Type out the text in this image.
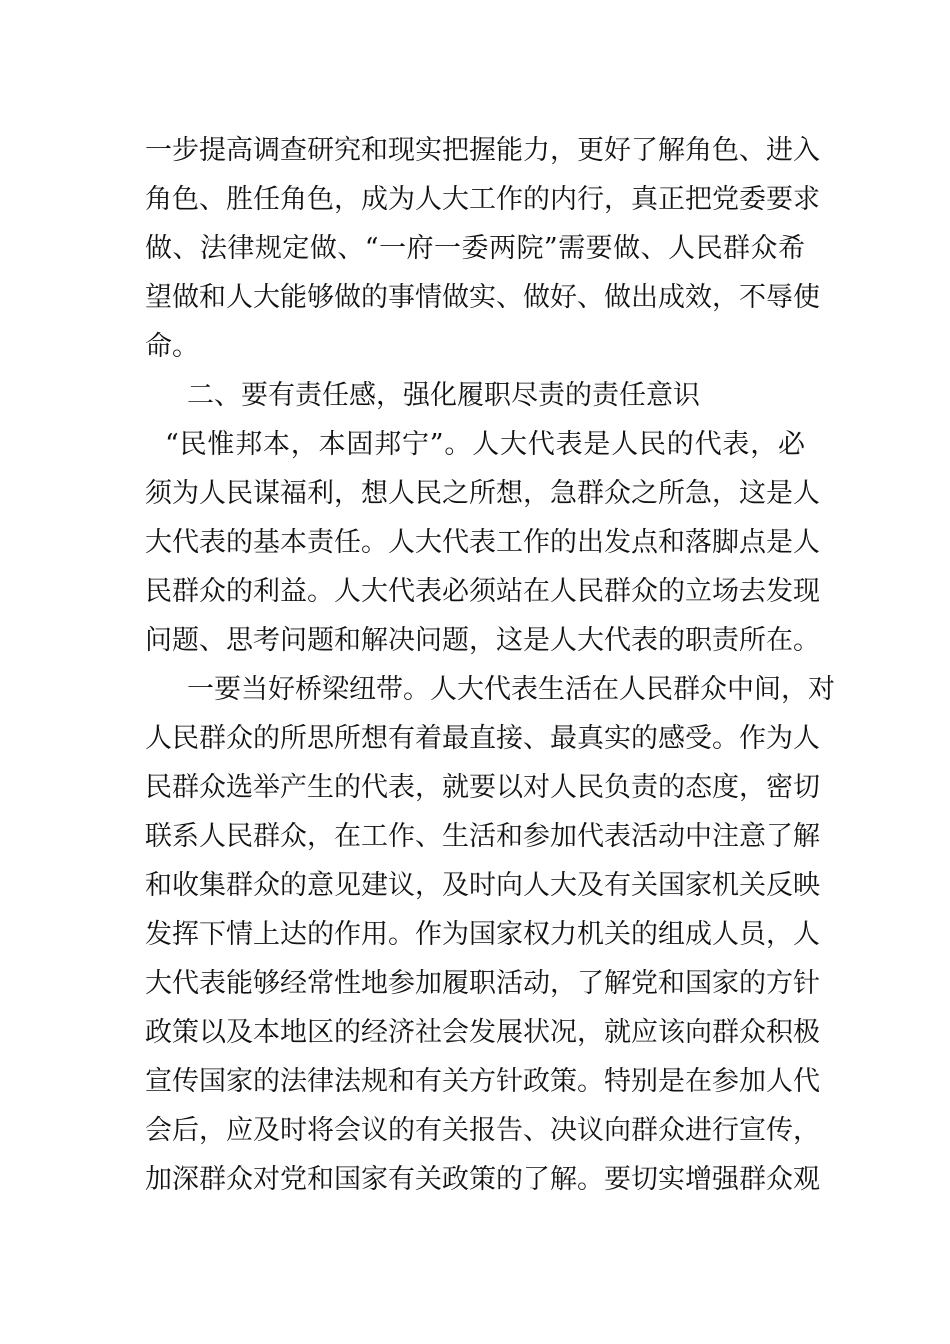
一步提高调查研究和现实把握能力，更好了解角色、进入
角色、胜任角色，成为人大工作的内行，真正把党委要求
做、法律规定做、“一府一委两院”需要做、人民群众希
望做和人大能够做的事情做实、做好、做出成效，不辱使
命。
二、要有责任感，强化履职尽责的责任意识
“民惟邦本，本固邦宁”。人大代表是人民的代表，必
须为人民谋福利，想人民之所想，急群众之所急，这是人
大代表的基本责任。人大代表工作的出发点和落脚点是人
民群众的利益。人大代表必须站在人民群众的立场去发现
问题、思考问题和解决问题，这是人大代表的职责所在。
一要当好桥梁纽带。人大代表生活在人民群众中间，对
人民群众的所思所想有着最直接、最真实的感受。作为人
民群众选举产生的代表，就要以对人民负责的态度，密切
联系人民群众，在工作、生活和参加代表活动中注意了解
和收集群众的意见建议，及时向人大及有关国家机关反映
发挥下情上达的作用。作为国家权力机关的组成人员，人
大代表能够经常性地参加履职活动，了解党和国家的方针
政策以及本地区的经济社会发展状况，就应该向群众积极
宣传国家的法律法规和有关方针政策。特别是在参加人代
会后，应及时将会议的有关报告、决议向群众进行宣传，
加深群众对党和国家有关政策的了解。要切实增强群众观
